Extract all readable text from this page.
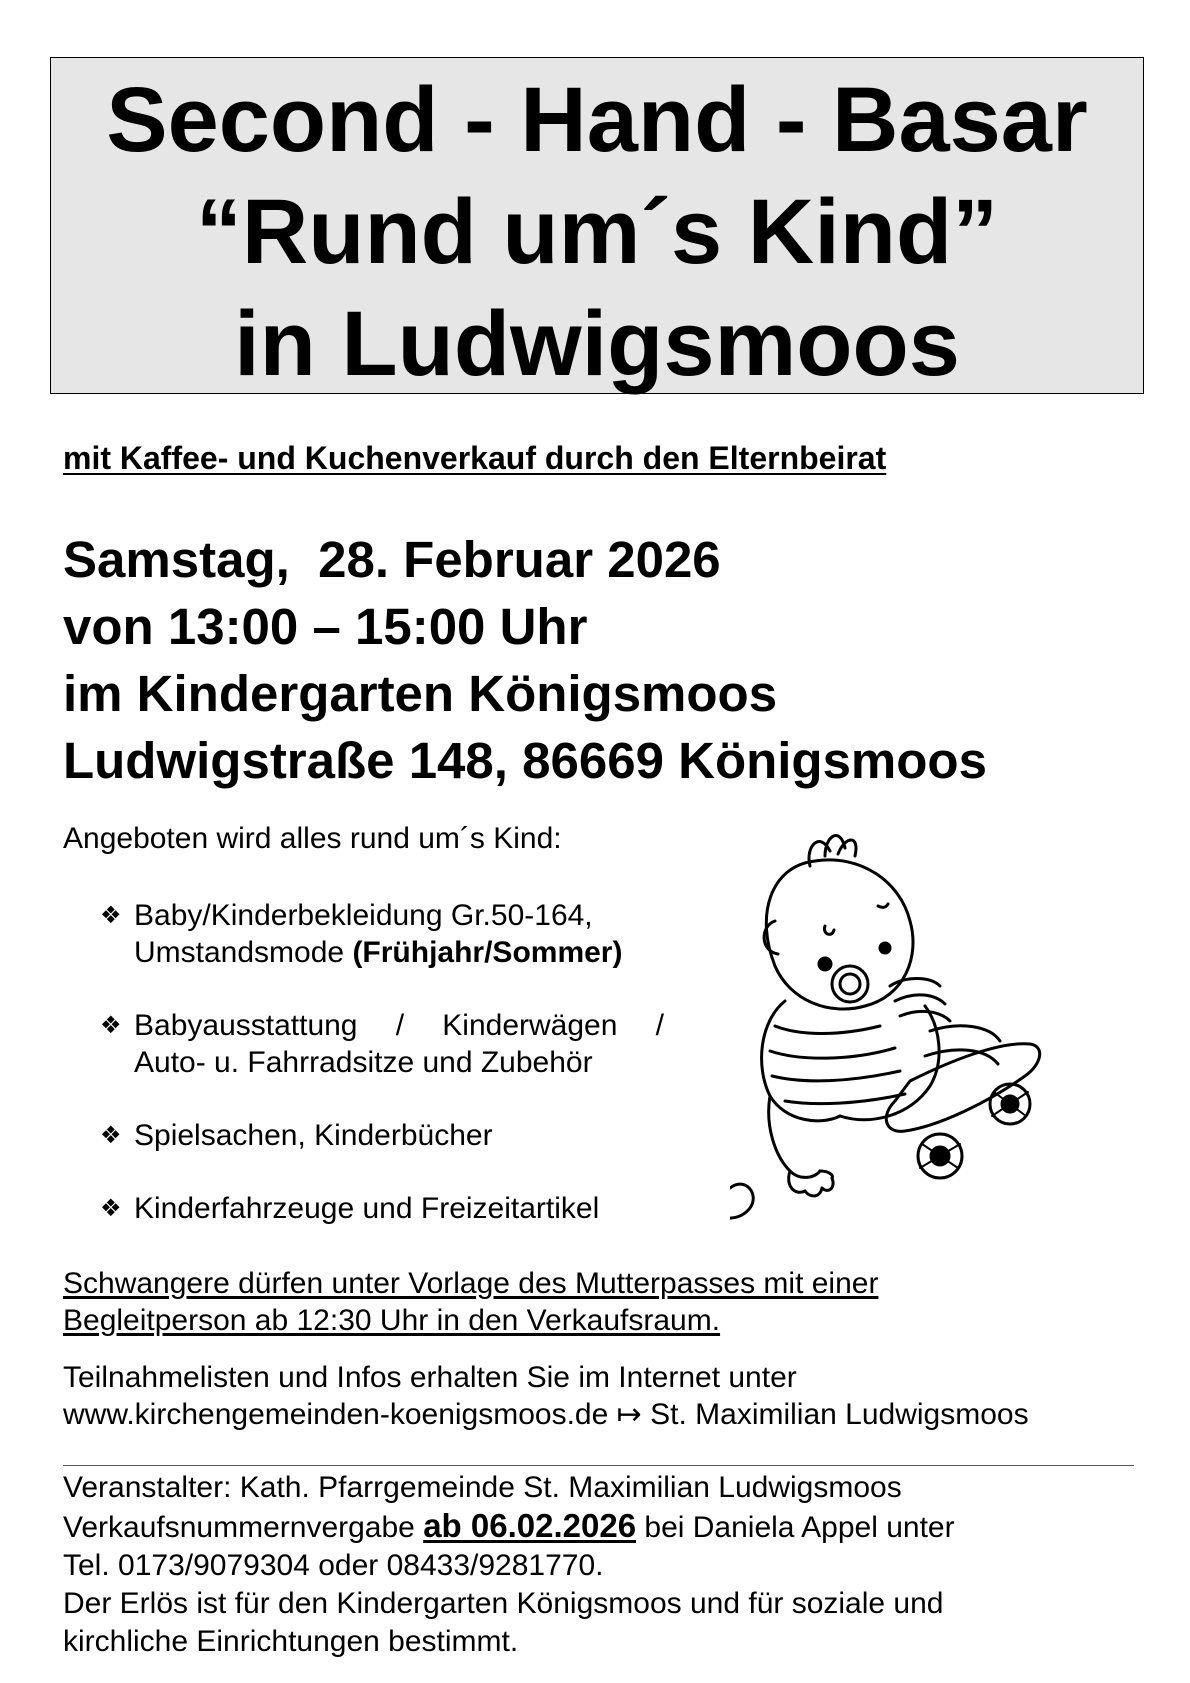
Second - Hand - Basar
“Rund um´s Kind”
in Ludwigsmoos
mit Kaffee- und Kuchenverkauf durch den Elternbeirat
Samstag,  28. Februar 2026
von 13:00 – 15:00 Uhr
im Kindergarten Königsmoos
Ludwigstraße 148, 86669 Königsmoos
Angeboten wird alles rund um´s Kind:
❖ Baby/Kinderbekleidung Gr.50-164,
Umstandsmode (Frühjahr/Sommer)
❖ Babyausstattung / Kinderwägen /
Auto- u. Fahrradsitze und Zubehör
❖ Spielsachen, Kinderbücher
❖ Kinderfahrzeuge und Freizeitartikel
Schwangere dürfen unter Vorlage des Mutterpasses mit einer
Begleitperson ab 12:30 Uhr in den Verkaufsraum.
Teilnahmelisten und Infos erhalten Sie im Internet unter
www.kirchengemeinden-koenigsmoos.de ↦ St. Maximilian Ludwigsmoos
Veranstalter: Kath. Pfarrgemeinde St. Maximilian Ludwigsmoos
Verkaufsnummernvergabe ab 06.02.2026 bei Daniela Appel unter
Tel. 0173/9079304 oder 08433/9281770.
Der Erlös ist für den Kindergarten Königsmoos und für soziale und
kirchliche Einrichtungen bestimmt.
